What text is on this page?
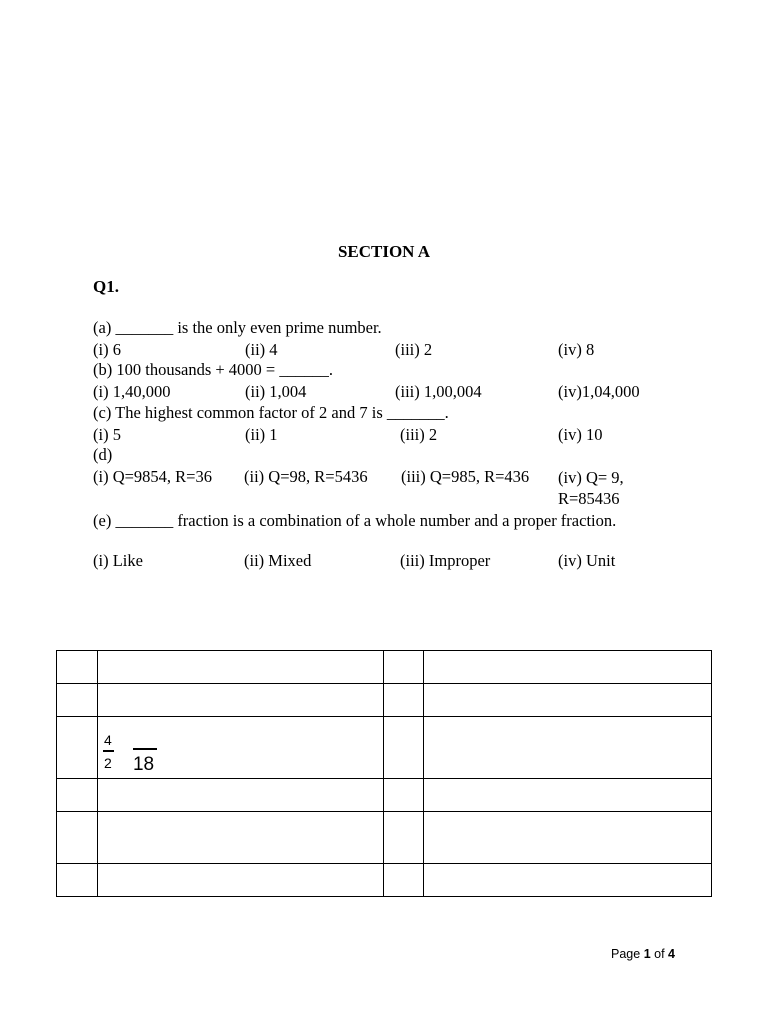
SECTION A
Q1.
(a) _______ is the only even prime number.
(i) 6	(ii) 4	(iii) 2	(iv) 8
(b) 100 thousands + 4000 = ______.
(i) 1,40,000	(ii) 1,004	(iii) 1,00,004	(iv)1,04,000
(c) The highest common factor of 2 and 7 is _______.
(i) 5	(ii) 1	(iii) 2	(iv) 10
(d)
(i) Q=9854, R=36 (ii) Q=98, R=5436 (iii) Q=985, R=436 (iv) Q= 9, R=85436
(e) _______ fraction is a combination of a whole number and a proper fraction.
(i) Like	(ii) Mixed	(iii) Improper	(iv) Unit

	4
2 18		

Page 1 of 4
